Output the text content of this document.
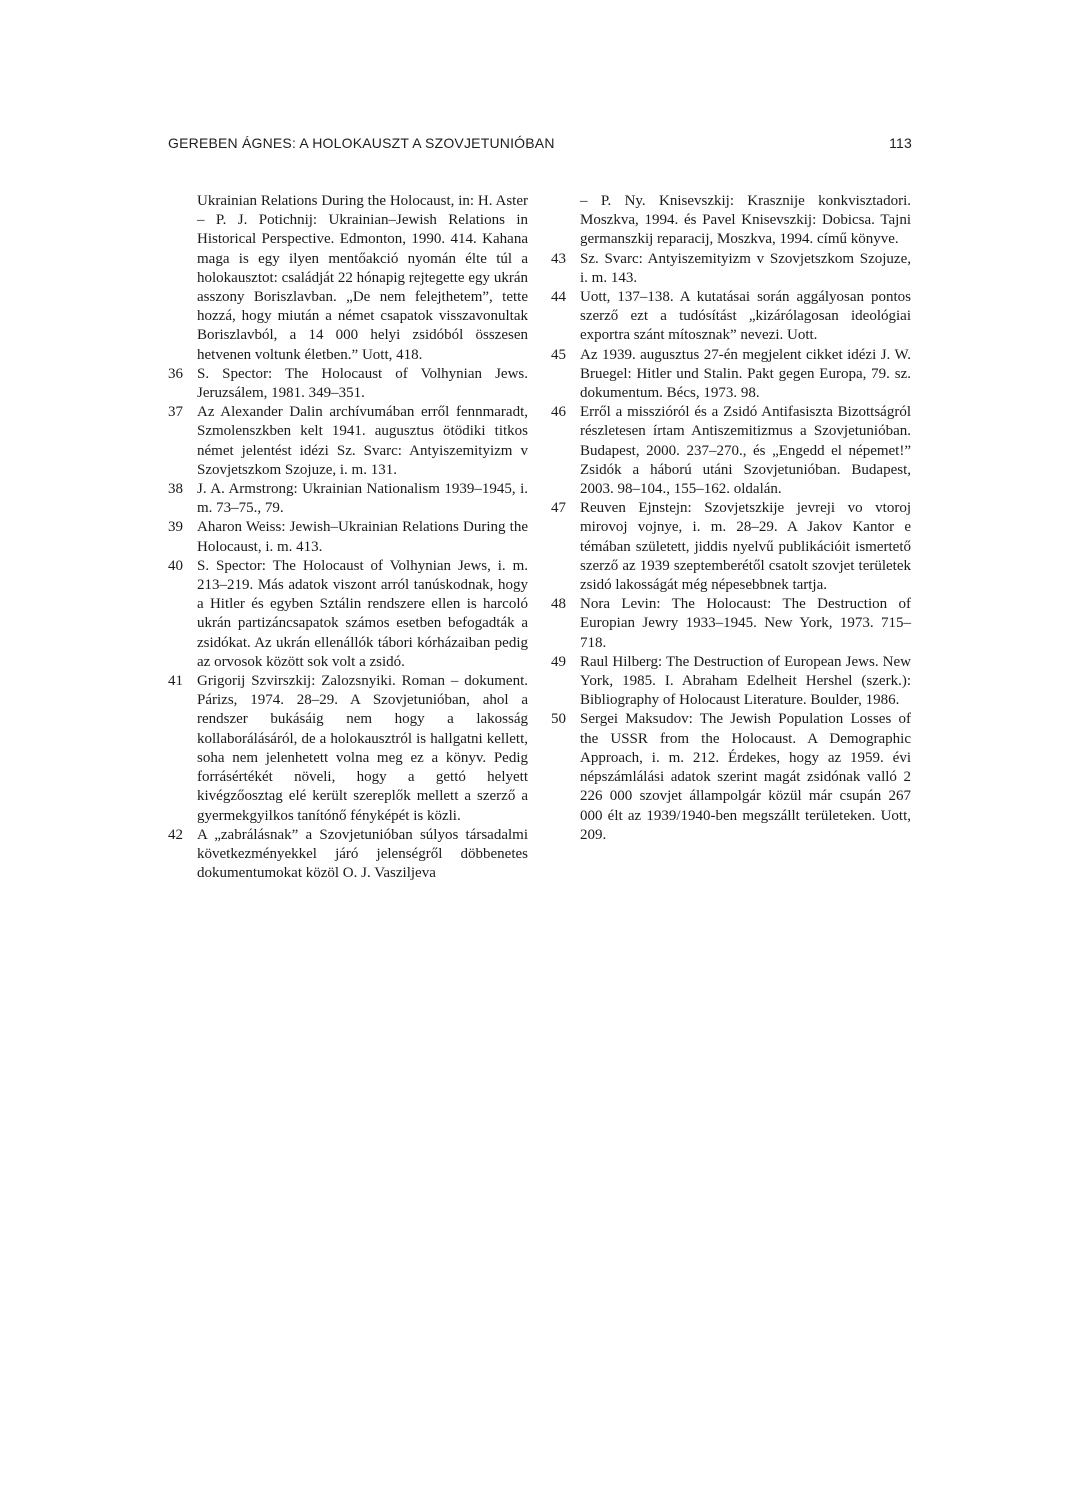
GEREBEN ÁGNES: A HOLOKAUSZT A SZOVJETUNIÓBAN	113
Ukrainian Relations During the Holocaust, in: H. Aster – P. J. Potichnij: Ukrainian–Jewish Relations in Historical Perspective. Edmonton, 1990. 414. Kahana maga is egy ilyen mentőakció nyomán élte túl a holokausztot: családját 22 hónapig rejtegette egy ukrán asszony Boriszlavban. „De nem felejthetem”, tette hozzá, hogy miután a német csapatok visszavonultak Boriszlavból, a 14 000 helyi zsidóból összesen hetvenen voltunk életben.” Uott, 418.
36 S. Spector: The Holocaust of Volhynian Jews. Jeruzsálem, 1981. 349–351.
37 Az Alexander Dalin archívumában erről fennmaradt, Szmolenszkben kelt 1941. augusztus ötödiki titkos német jelentést idézi Sz. Svarc: Antyiszemityizm v Szovjetszkom Szojuze, i. m. 131.
38 J. A. Armstrong: Ukrainian Nationalism 1939–1945, i. m. 73–75., 79.
39 Aharon Weiss: Jewish–Ukrainian Relations During the Holocaust, i. m. 413.
40 S. Spector: The Holocaust of Volhynian Jews, i. m. 213–219. Más adatok viszont arról tanúskodnak, hogy a Hitler és egyben Sztálin rendszere ellen is harcoló ukrán partizáncsapatok számos esetben befogadták a zsidókat. Az ukrán ellenállók tábori kórházaiban pedig az orvosok között sok volt a zsidó.
41 Grigorij Szvirszkij: Zalozsnyiki. Roman – dokument. Párizs, 1974. 28–29. A Szovjetunióban, ahol a rendszer bukásáig nem hogy a lakosság kollaborálásáról, de a holokausztról is hallgatni kellett, soha nem jelenhetett volna meg ez a könyv. Pedig forrásértékét növeli, hogy a gettó helyett kivégzőosztag elé került szereplők mellett a szerző a gyermekgyilkos tanítónő fényképét is közli.
42 A „zabrálásnak” a Szovjetunióban súlyos társadalmi következményekkel járó jelenségről döbbenetes dokumentumokat közöl O. J. Vasziljeva
– P. Ny. Knisevszkij: Krasznije konkvisztadori. Moszkva, 1994. és Pavel Knisevszkij: Dobicsa. Tajni germanszkij reparacij, Moszkva, 1994. című könyve.
43 Sz. Svarc: Antyiszemityizm v Szovjetszkom Szojuze, i. m. 143.
44 Uott, 137–138. A kutatásai során aggályosan pontos szerző ezt a tudósítást „kizárólagosan ideológiai exportra szánt mítosznak” nevezi. Uott.
45 Az 1939. augusztus 27-én megjelent cikket idézi J. W. Bruegel: Hitler und Stalin. Pakt gegen Europa, 79. sz. dokumentum. Bécs, 1973. 98.
46 Erről a misszióról és a Zsidó Antifasiszta Bizottságról részletesen írtam Antiszemitizmus a Szovjetunióban. Budapest, 2000. 237–270., és „Engedd el népemet!” Zsidók a háború utáni Szovjetunióban. Budapest, 2003. 98–104., 155–162. oldalán.
47 Reuven Ejnstejn: Szovjetszkije jevreji vo vtoroj mirovoj vojnye, i. m. 28–29. A Jakov Kantor e témában született, jiddis nyelvű publikációit ismertető szerző az 1939 szeptemberétől csatolt szovjet területek zsidó lakosságát még népesebbnek tartja.
48 Nora Levin: The Holocaust: The Destruction of Europian Jewry 1933–1945. New York, 1973. 715–718.
49 Raul Hilberg: The Destruction of European Jews. New York, 1985. I. Abraham Edelheit Hershel (szerk.): Bibliography of Holocaust Literature. Boulder, 1986.
50 Sergei Maksudov: The Jewish Population Losses of the USSR from the Holocaust. A Demographic Approach, i. m. 212. Érdekes, hogy az 1959. évi népszámlálási adatok szerint magát zsidónak valló 2 226 000 szovjet állampolgár közül már csupán 267 000 élt az 1939/1940-ben megszállt területeken. Uott, 209.
